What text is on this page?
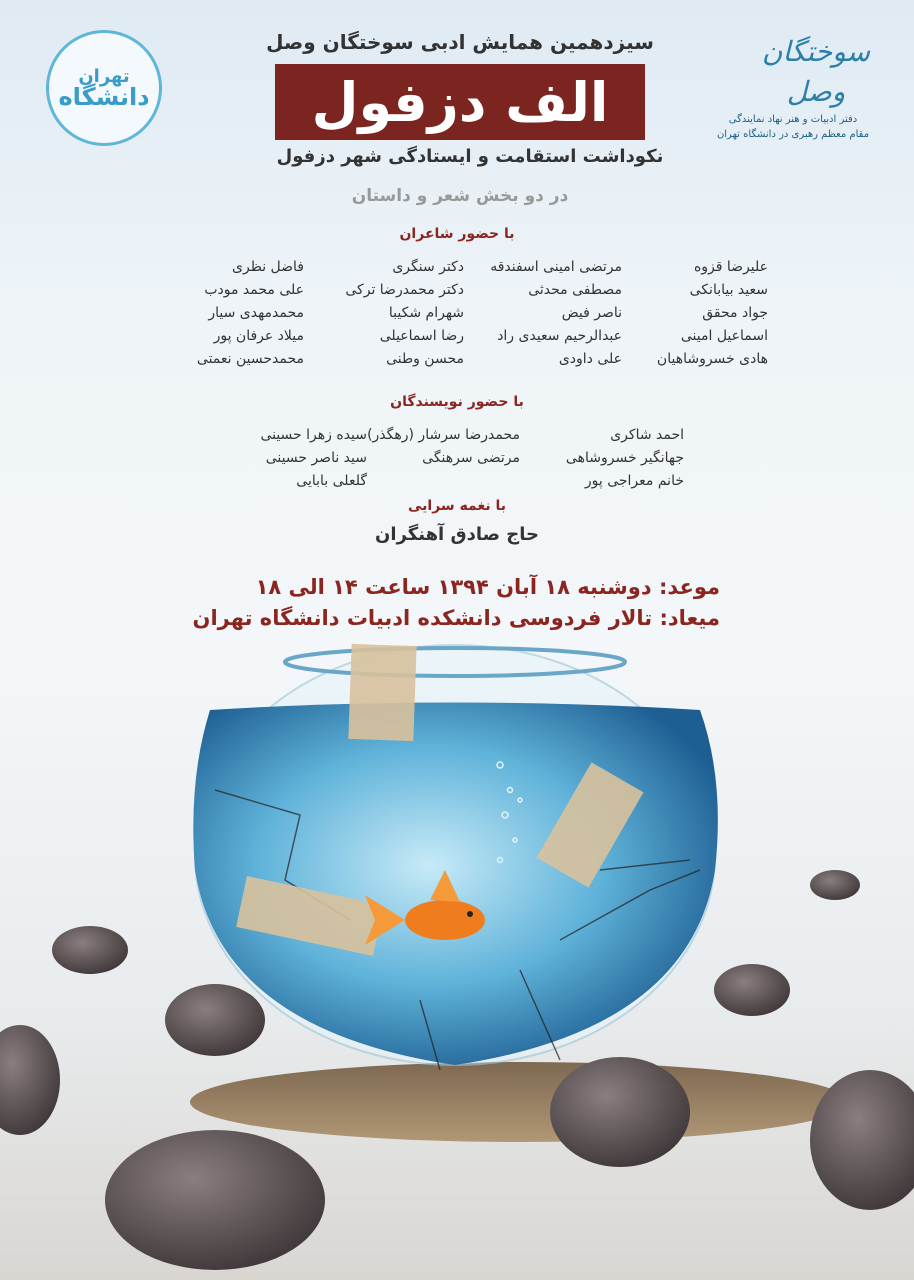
تهران
دانشگاه
سوختگان وصل
دفتر ادبیات و هنر نهاد نمایندگی
مقام معظم رهبری در دانشگاه تهران
سیزدهمین همایش ادبی سوختگان وصل
الف دزفول
نکوداشت استقامت و ایستادگی شهر دزفول
در دو بخش شعر و داستان
با حضور شاعران
علیرضا قزوه
سعید بیابانکی
جواد محقق
اسماعیل امینی
هادی خسروشاهیان
مرتضی امینی اسفندقه
مصطفی محدثی
ناصر فیض
عبدالرحیم سعیدی راد
علی داودی
دکتر سنگری
دکتر محمدرضا ترکی
شهرام شکیبا
رضا اسماعیلی
محسن وطنی
فاضل نظری
علی محمد مودب
محمدمهدی سیار
میلاد عرفان پور
محمدحسین نعمتی
با حضور نویسندگان
احمد شاکری
جهانگیر خسروشاهی
خانم معراجی پور
محمدرضا سرشار (رهگذر)
مرتضی سرهنگی
سیده زهرا حسینی
سید ناصر حسینی
گلعلی بابایی
با نغمه سرایی
حاج صادق آهنگران
موعد: دوشنبه ۱۸ آبان ۱۳۹۴ ساعت ۱۴ الی ۱۸
میعاد: تالار فردوسی دانشکده ادبیات دانشگاه تهران
